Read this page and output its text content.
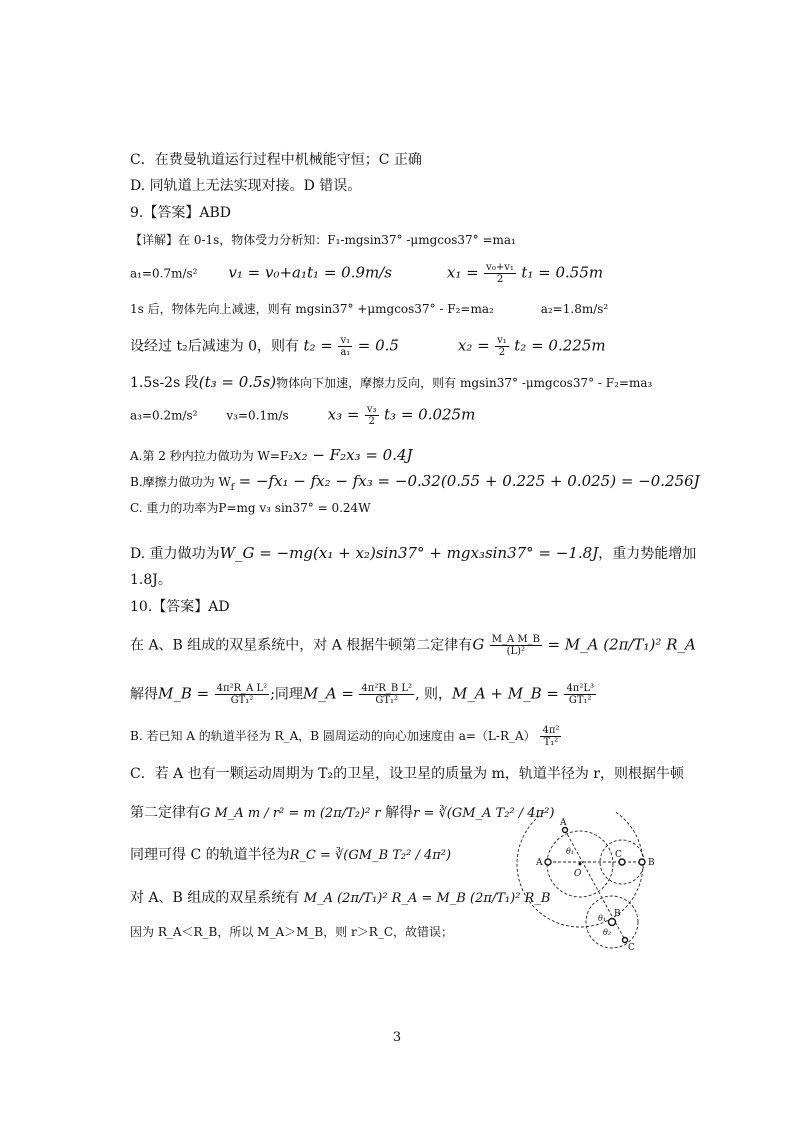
C．在费曼轨道运行过程中机械能守恒；C 正确
D. 同轨道上无法实现对接。D 错误。
9.【答案】ABD
【详解】在 0-1s，物体受力分析知：F₁-mgsin37° -μmgcos37° =ma₁
a₁=0.7m/s² v₁ = v₀+a₁t₁ = 0.9m/s	$x_1 = \frac{\text{v₀+v₁}}{2} t_1 = 0.55m$
1s 后，物体先向上减速，则有 mgsin37° +μmgcos37° - F₂=ma₂	a₂=1.8m/s²
设经过 t₂后减速为 0，则有 $t_2 = \frac{\text{v₁}}{\text{a₁}} = 0.5$	$x_2 = \frac{\text{v₁}}{2} t_2 = 0.225m$
1.5s-2s 段(t₃ = 0.5s)物体向下加速，摩擦力反向，则有 mgsin37° -μmgcos37° - F₂=ma₃
a₃=0.2m/s² v₃=0.1m/s	$x_3 = \frac{\text{v₃}}{2} t_3 = 0.025m$
A.第 2 秒内拉力做功为 W=F₂x₂ − F₂x₃ = 0.4J
B.摩擦力做功为 $W_f = -fx_1 - fx_2 - fx_3 = -0.32(0.55 + 0.225 + 0.025) = -0.256J$
C. 重力的功率为P=mg v₃ sin37° = 0.24W
D. 重力做功为W_G = −mg(x₁ + x₂)sin37° + mgx₃sin37° = −1.8J，重力势能增加
1.8J。
10.【答案】AD
在 A、B 组成的双星系统中，对 A 根据牛顿第二定律有G $\frac{\text{M\_A M\_B}}{\text{(L)²}}$ = M_A (2π/T₁)² R_A
解得M_B = $\frac{\text{4π²R\_A L²}}{\text{GT₁²}}$ ;同理M_A = $\frac{\text{4π²R\_B L²}}{\text{GT₁²}}$ , 则，M_A + M_B = $\frac{\text{4π²L³}}{\text{GT₁²}}$
B. 若已知 A 的轨道半径为 R_A，B 圆周运动的向心加速度由 a=（L-R_A） $\frac{\text{4π²}}{\text{T₁²}}$
C．若 A 也有一颗运动周期为 T₂的卫星，设卫星的质量为 m，轨道半径为 r，则根据牛顿
第二定律有G M_A m / r² = m (2π/T₂)² r 解得r = ∛(GM_A T₂² / 4π²)
同理可得 C 的轨道半径为R_C = ∛(GM_B T₂² / 4π²)
对 A、B 组成的双星系统有 M_A (2π/T₁)² R_A = M_B (2π/T₁)² R_B
因为 R_A＜R_B，所以 M_A＞M_B，则 r＞R_C，故错误；
A
A
C
B
O
θ₁
B
θ₁
θ₂
C
3
